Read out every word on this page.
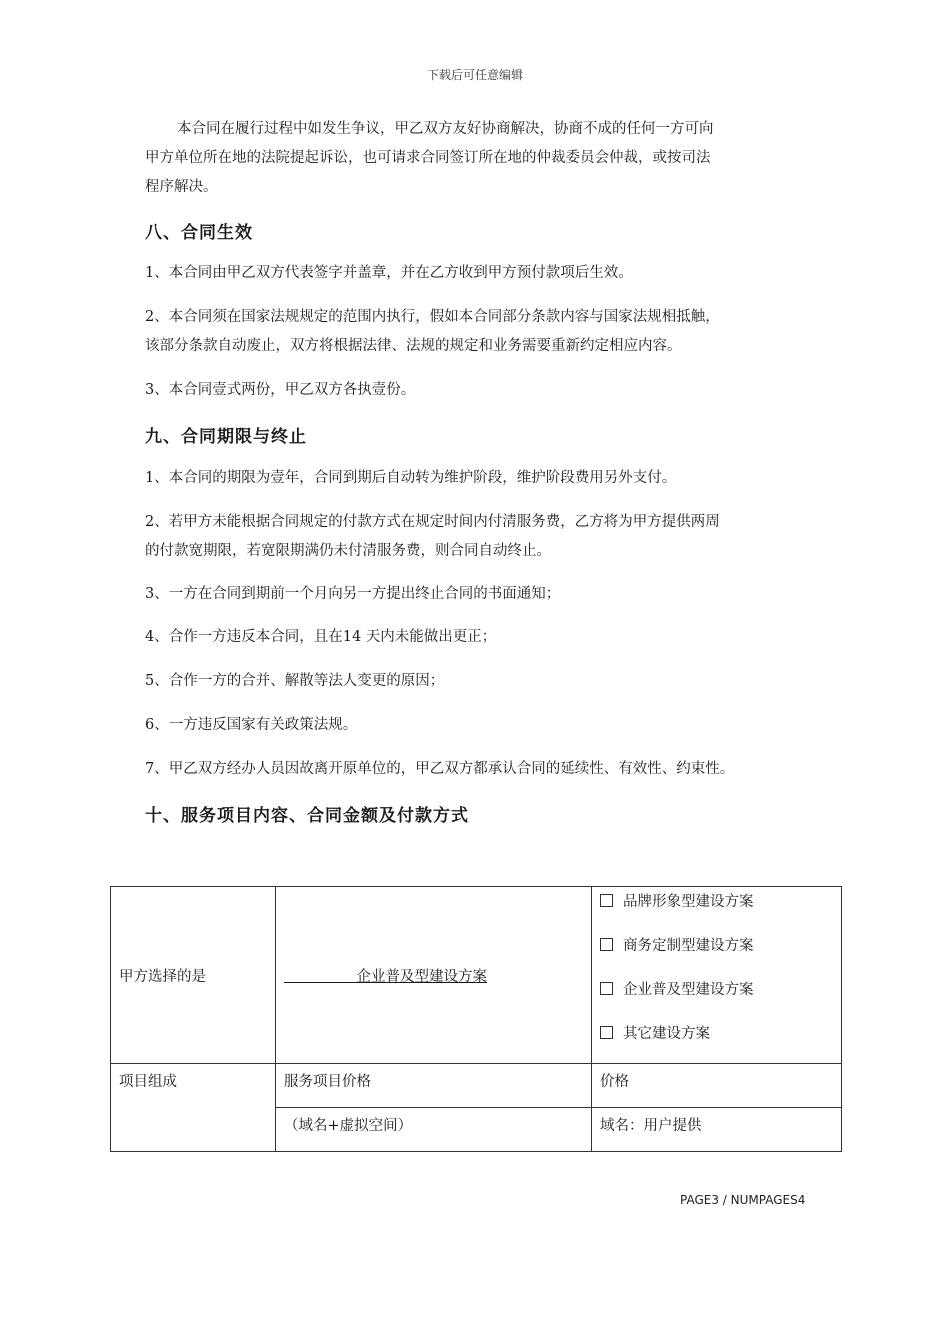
下载后可任意编辑
本合同在履行过程中如发生争议，甲乙双方友好协商解决，协商不成的任何一方可向
甲方单位所在地的法院提起诉讼，也可请求合同签订所在地的仲裁委员会仲裁，或按司法
程序解决。
八、合同生效
1、本合同由甲乙双方代表签字并盖章，并在乙方收到甲方预付款项后生效。
2、本合同须在国家法规规定的范围内执行，假如本合同部分条款内容与国家法规相抵触，
该部分条款自动废止，双方将根据法律、法规的规定和业务需要重新约定相应内容。
3、本合同壹式两份，甲乙双方各执壹份。
九、合同期限与终止
1、本合同的期限为壹年，合同到期后自动转为维护阶段，维护阶段费用另外支付。
2、若甲方未能根据合同规定的付款方式在规定时间内付清服务费，乙方将为甲方提供两周
的付款宽期限，若宽限期满仍未付清服务费，则合同自动终止。
3、一方在合同到期前一个月向另一方提出终止合同的书面通知；
4、合作一方违反本合同，且在14 天内未能做出更正；
5、合作一方的合并、解散等法人变更的原因；
6、一方违反国家有关政策法规。
7、甲乙双方经办人员因故离开原单位的，甲乙双方都承认合同的延续性、有效性、约束性。
十、服务项目内容、合同金额及付款方式
甲方选择的是	＿＿＿＿＿企业普及型建设方案	品牌形象型建设方案
商务定制型建设方案
企业普及型建设方案
其它建设方案

项目组成	服务项目价格	价格
	（域名+虚拟空间）	域名：用户提供
PAGE3 / NUMPAGES4
